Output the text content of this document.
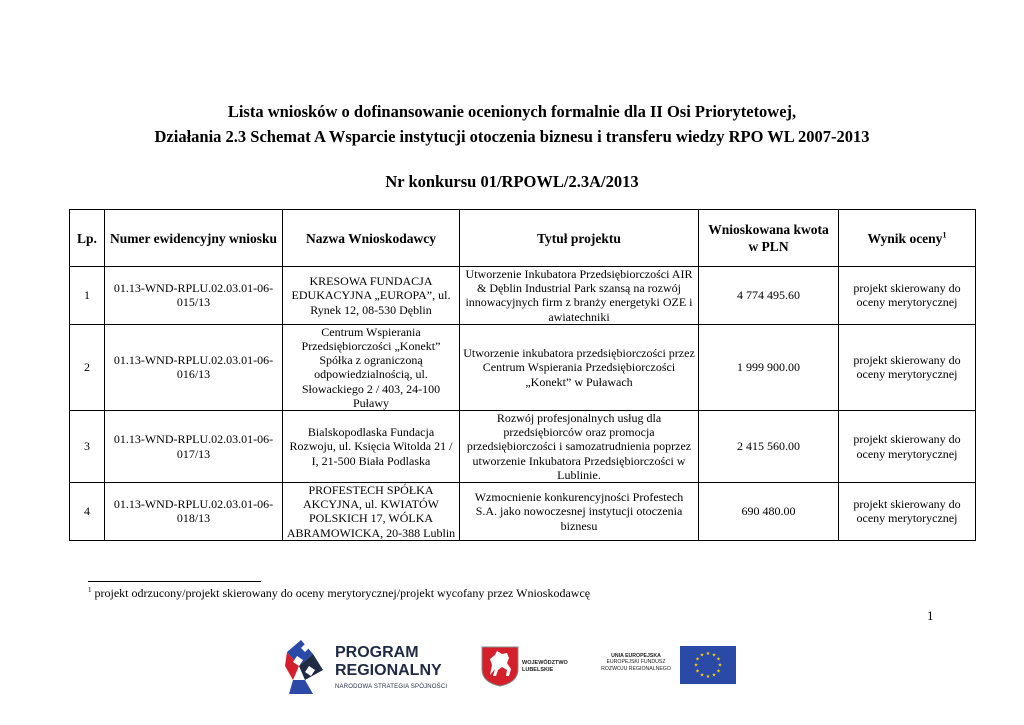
Lista wniosków o dofinansowanie ocenionych formalnie dla II Osi Priorytetowej,
Działania 2.3 Schemat A Wsparcie instytucji otoczenia biznesu i transferu wiedzy RPO WL 2007-2013
Nr konkursu 01/RPOWL/2.3A/2013
Lp.	Numer ewidencyjny wniosku	Nazwa Wnioskodawcy	Tytuł projektu	Wnioskowana kwota w PLN	Wynik oceny$^1$
1	01.13-WND-RPLU.02.03.01-06-015/13	KRESOWA FUNDACJA EDUKACYJNA „EUROPA”, ul. Rynek 12, 08-530 Dęblin	Utworzenie Inkubatora Przedsiębiorczości AIR & Dęblin Industrial Park szansą na rozwój innowacyjnych firm z branży energetyki OZE i awiatechniki	4 774 495.60	projekt skierowany do oceny merytorycznej
2	01.13-WND-RPLU.02.03.01-06-016/13	Centrum Wspierania Przedsiębiorczości „Konekt” Spółka z ograniczoną odpowiedzialnością, ul. Słowackiego 2 / 403, 24-100 Puławy	Utworzenie inkubatora przedsiębiorczości przez Centrum Wspierania Przedsiębiorczości „Konekt” w Puławach	1 999 900.00	projekt skierowany do oceny merytorycznej
3	01.13-WND-RPLU.02.03.01-06-017/13	Bialskopodlaska Fundacja Rozwoju, ul. Księcia Witolda 21 / I, 21-500 Biała Podlaska	Rozwój profesjonalnych usług dla przedsiębiorców oraz promocja przedsiębiorczości i samozatrudnienia poprzez utworzenie Inkubatora Przedsiębiorczości w Lublinie.	2 415 560.00	projekt skierowany do oceny merytorycznej
4	01.13-WND-RPLU.02.03.01-06-018/13	PROFESTECH SPÓŁKA AKCYJNA, ul. KWIATÓW POLSKICH 17, WÓLKA ABRAMOWICKA, 20-388 Lublin	Wzmocnienie konkurencyjności Profestech S.A. jako nowoczesnej instytucji otoczenia biznesu	690 480.00	projekt skierowany do oceny merytorycznej
$^1$ projekt odrzucony/projekt skierowany do oceny merytorycznej/projekt wycofany przez Wnioskodawcę
1
PROGRAM
REGIONALNY
NARODOWA STRATEGIA SPÓJNOŚCI
WOJEWÓDZTWO
LUBELSKIE
UNIA EUROPEJSKA
EUROPEJSKI FUNDUSZ
ROZWOJU REGIONALNEGO
★ ★
★
★
★
★
★
★
★
★
★
★
